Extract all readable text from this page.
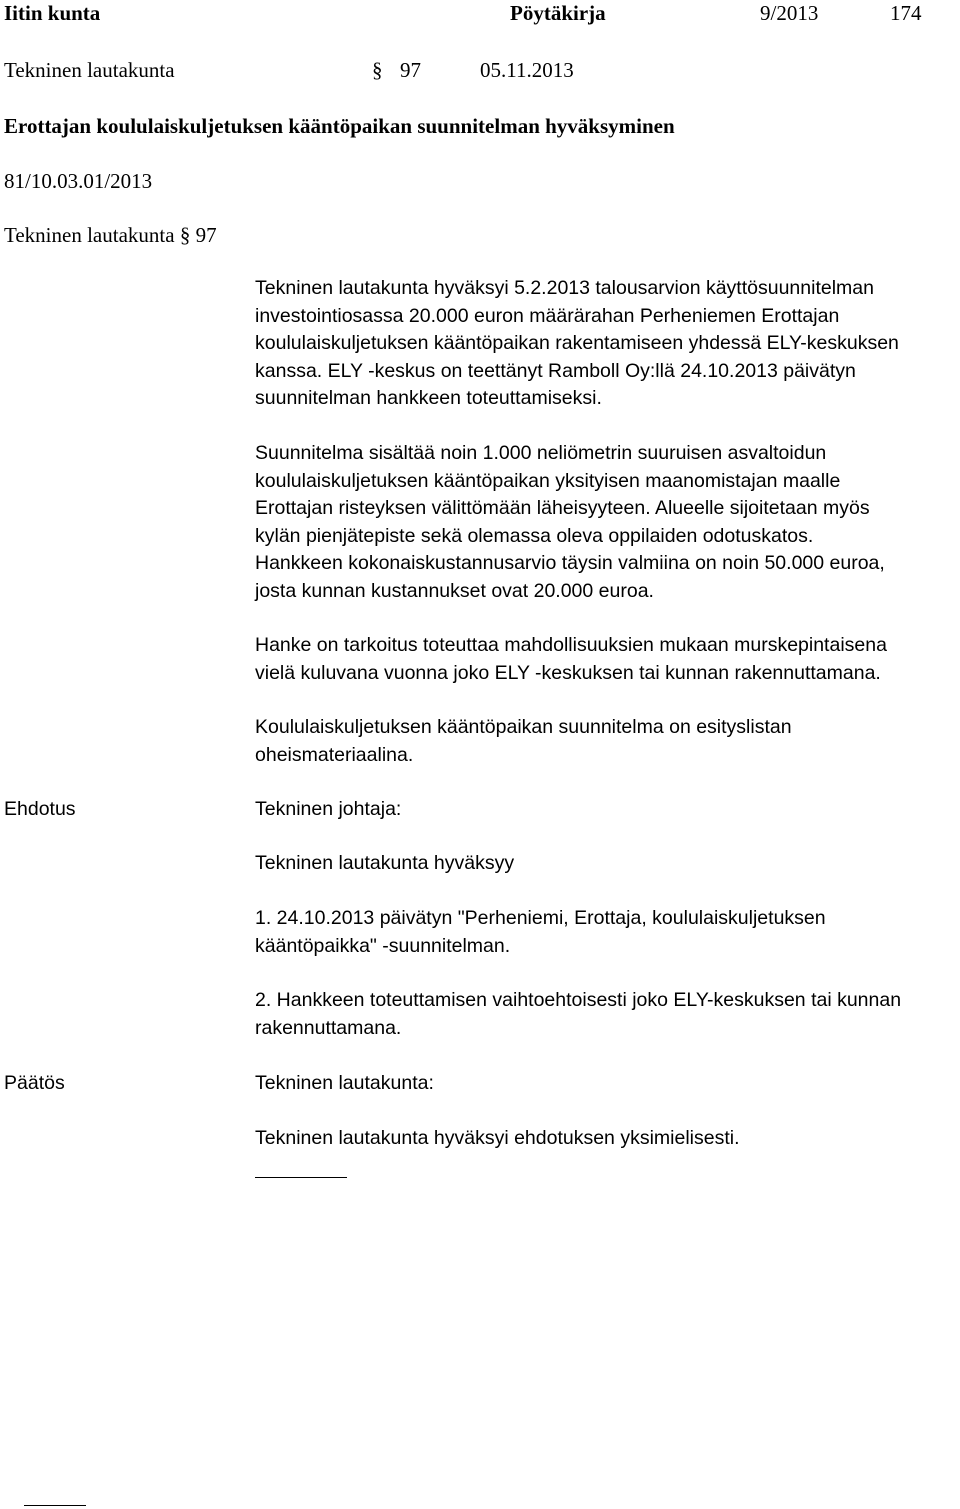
Iitin kunta	Pöytäkirja	9/2013	174
Tekninen lautakunta	§ 97	05.11.2013
Erottajan koululaiskuljetuksen kääntöpaikan suunnitelman hyväksyminen
81/10.03.01/2013
Tekninen lautakunta § 97
Tekninen lautakunta hyväksyi 5.2.2013 talousarvion käyttösuunnitelman
investointiosassa 20.000 euron määrärahan Perheniemen Erottajan
koululaiskuljetuksen kääntöpaikan rakentamiseen yhdessä ELY-keskuksen
kanssa. ELY -keskus on teettänyt Ramboll Oy:llä 24.10.2013 päivätyn
suunnitelman hankkeen toteuttamiseksi.
Suunnitelma sisältää noin 1.000 neliömetrin suuruisen asvaltoidun
koululaiskuljetuksen kääntöpaikan yksityisen maanomistajan maalle
Erottajan risteyksen välittömään läheisyyteen. Alueelle sijoitetaan myös
kylän pienjätepiste sekä olemassa oleva oppilaiden odotuskatos.
Hankkeen kokonaiskustannusarvio täysin valmiina on noin 50.000 euroa,
josta kunnan kustannukset ovat 20.000 euroa.
Hanke on tarkoitus toteuttaa mahdollisuuksien mukaan murskepintaisena
vielä kuluvana vuonna joko ELY -keskuksen tai kunnan rakennuttamana.
Koululaiskuljetuksen kääntöpaikan suunnitelma on esityslistan
oheismateriaalina.
Ehdotus	Tekninen johtaja:
Tekninen lautakunta hyväksyy
1. 24.10.2013 päivätyn "Perheniemi, Erottaja, koululaiskuljetuksen
kääntöpaikka" -suunnitelman.
2. Hankkeen toteuttamisen vaihtoehtoisesti joko ELY-keskuksen tai kunnan
rakennuttamana.
Päätös	Tekninen lautakunta:
Tekninen lautakunta hyväksyi ehdotuksen yksimielisesti.
